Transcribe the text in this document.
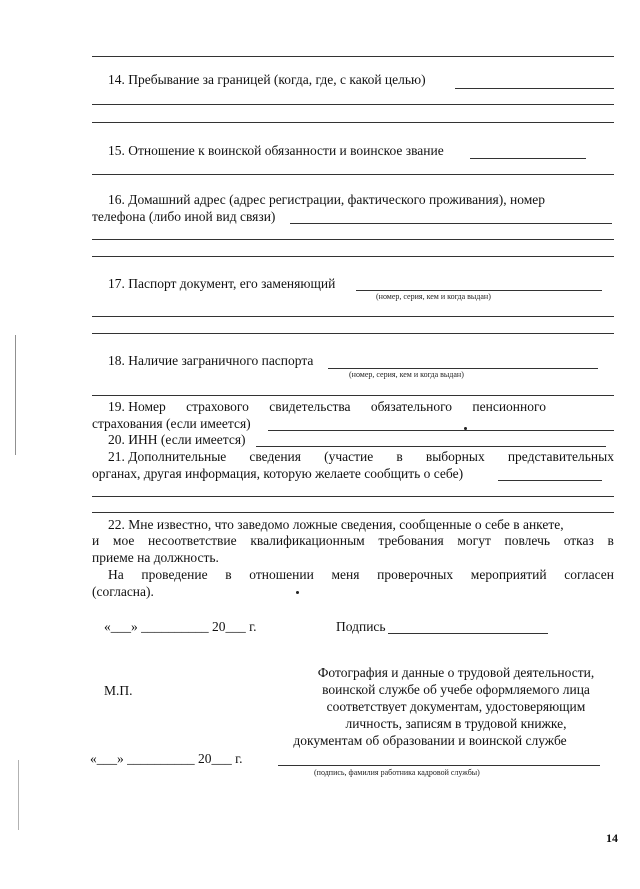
14. Пребывание за границей (когда, где, с какой целью)
15. Отношение к воинской обязанности и воинское звание
16. Домашний адрес (адрес регистрации, фактического проживания), номер
телефона (либо иной вид связи)
17. Паспорт документ, его заменяющий
(номер, серия, кем и когда выдан)
18. Наличие заграничного паспорта
(номер, серия, кем и когда выдан)
19. Номер страхового свидетельства обязательного пенсионного
страхования (если имеется)
20. ИНН (если имеется)
21. Дополнительные сведения (участие в выборных представительных
органах, другая информация, которую желаете сообщить о себе)
22. Мне известно, что заведомо ложные сведения, сообщенные о себе в анкете,
и мое несоответствие квалификационным требования могут повлечь отказ в
приеме на должность.
На проведение в отношении меня проверочных мероприятий согласен
(согласна).
«___» __________ 20___ г.	Подпись
М.П.
Фотография и данные о трудовой деятельности,
воинской службе об учебе оформляемого лица
соответствует документам, удостоверяющим
личность, записям в трудовой книжке,
документам об образовании и воинской службе
«___» __________ 20___ г.
(подпись, фамилия работника кадровой службы)
14
